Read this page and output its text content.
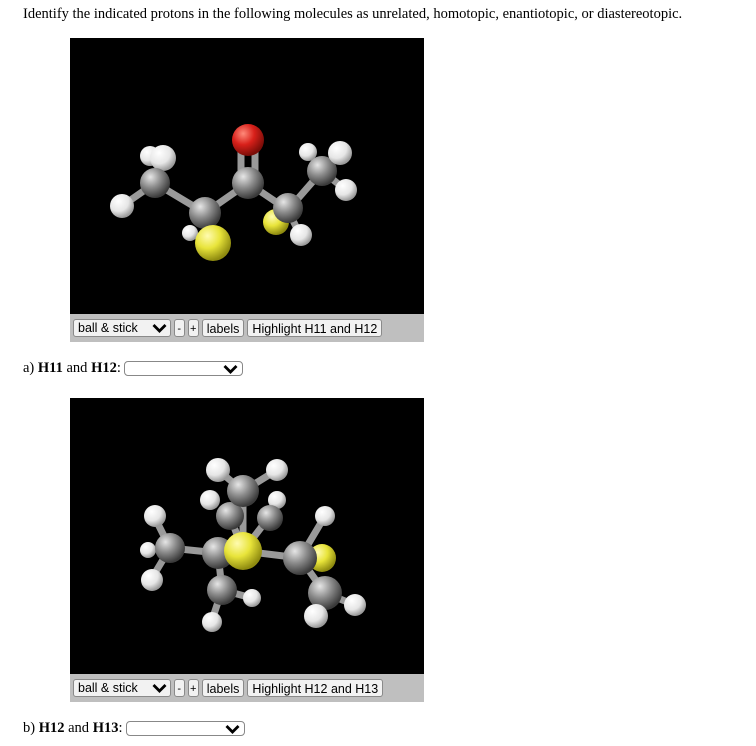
Identify the indicated protons in the following molecules as unrelated, homotopic, enantiotopic, or diastereotopic.
ball & stick	- + labels	Highlight H11 and H12
a)
H11 and H12 :
ball & stick	- + labels	Highlight H12 and H13
b)
H12 and H13 :
